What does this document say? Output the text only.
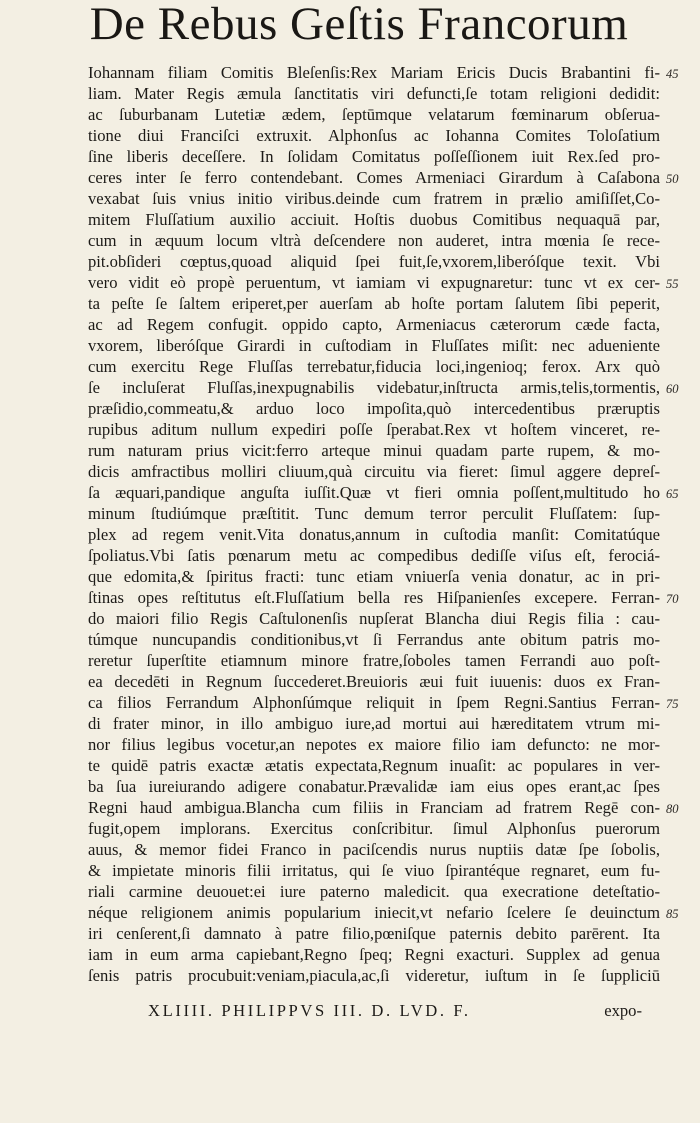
De Rebus Geſtis Francorum
Iohannam filiam Comitis Bleſenſis:Rex Mariam Ericis Ducis Brabantini fi- 45
liam. Mater Regis æmula ſanctitatis viri defuncti,ſe totam religioni dedidit:
ac ſuburbanam Lutetiæ ædem, ſeptūmque velatarum fœminarum obſerua-
tione diui Franciſci extruxit. Alphonſus ac Iohanna Comites Toloſatium
ſine liberis deceſſere. In ſolidam Comitatus poſſeſſionem iuit Rex.ſed pro-
ceres inter ſe ferro contendebant. Comes Armeniaci Girardum à Caſabona 50
vexabat ſuis vnius initio viribus.deinde cum fratrem in prælio amiſiſſet,Co-
mitem Fluſſatium auxilio acciuit. Hoſtis duobus Comitibus nequaquā par,
cum in æquum locum vltrà deſcendere non auderet, intra mœnia ſe rece-
pit.obſideri cœptus,quoad aliquid ſpei fuit,ſe,vxorem,liberóſque texit. Vbi
vero vidit eò propè peruentum, vt iamiam vi expugnaretur: tunc vt ex cer- 55
ta peſte ſe ſaltem eriperet,per auerſam ab hoſte portam ſalutem ſibi peperit,
ac ad Regem confugit. oppido capto, Armeniacus cæterorum cæde facta,
vxorem, liberóſque Girardi in cuſtodiam in Fluſſates miſit: nec adueniente
cum exercitu Rege Fluſſas terrebatur,fiducia loci,ingenioq; ferox. Arx quò
ſe incluſerat Fluſſas,inexpugnabilis videbatur,inſtructa armis,telis,tormentis, 60
præſidio,commeatu,& arduo loco impoſita,quò intercedentibus præruptis
rupibus aditum nullum expediri poſſe ſperabat.Rex vt hoſtem vinceret, re-
rum naturam prius vicit:ferro arteque minui quadam parte rupem, & mo-
dicis amfractibus molliri cliuum,quà circuitu via fieret: ſimul aggere depreſ-
ſa æquari,pandique anguſta iuſſit.Quæ vt fieri omnia poſſent,multitudo ho 65
minum ſtudiúmque præſtitit. Tunc demum terror perculit Fluſſatem: ſup-
plex ad regem venit.Vita donatus,annum in cuſtodia manſit: Comitatúque
ſpoliatus.Vbi ſatis pœnarum metu ac compedibus dediſſe viſus eſt, ferociá-
que edomita,& ſpiritus fracti: tunc etiam vniuerſa venia donatur, ac in pri-
ſtinas opes reſtitutus eſt.Fluſſatium bella res Hiſpanienſes excepere. Ferran- 70
do maiori filio Regis Caſtulonenſis nupſerat Blancha diui Regis filia : cau-
túmque nuncupandis conditionibus,vt ſi Ferrandus ante obitum patris mo-
reretur ſuperſtite etiamnum minore fratre,ſoboles tamen Ferrandi auo poſt-
ea decedēti in Regnum ſuccederet.Breuioris æui fuit iuuenis: duos ex Fran-
ca filios Ferrandum Alphonſúmque reliquit in ſpem Regni.Santius Ferran- 75
di frater minor, in illo ambiguo iure,ad mortui aui hæreditatem vtrum mi-
nor filius legibus vocetur,an nepotes ex maiore filio iam defuncto: ne mor-
te quidē patris exactæ ætatis expectata,Regnum inuaſit: ac populares in ver-
ba ſua iureiurando adigere conabatur.Prævalidæ iam eius opes erant,ac ſpes
Regni haud ambigua.Blancha cum filiis in Franciam ad fratrem Regē con- 80
fugit,opem implorans. Exercitus conſcribitur. ſimul Alphonſus puerorum
auus, & memor fidei Franco in paciſcendis nurus nuptiis datæ ſpe ſobolis,
& impietate minoris filii irritatus, qui ſe viuo ſpirantéque regnaret, eum fu-
riali carmine deuouet:ei iure paterno maledicit. qua execratione deteſtatio-
néque religionem animis popularium iniecit,vt nefario ſcelere ſe deuinctum 85
iri cenſerent,ſi damnato à patre filio,pœniſque paternis debito parērent. Ita
iam in eum arma capiebant,Regno ſpeq; Regni exacturi. Supplex ad genua
ſenis patris procubuit:veniam,piacula,ac,ſi videretur, iuſtum in ſe ſuppliciū
XLIIII. PHILIPPVS III. D. LVD. F.	expo-
